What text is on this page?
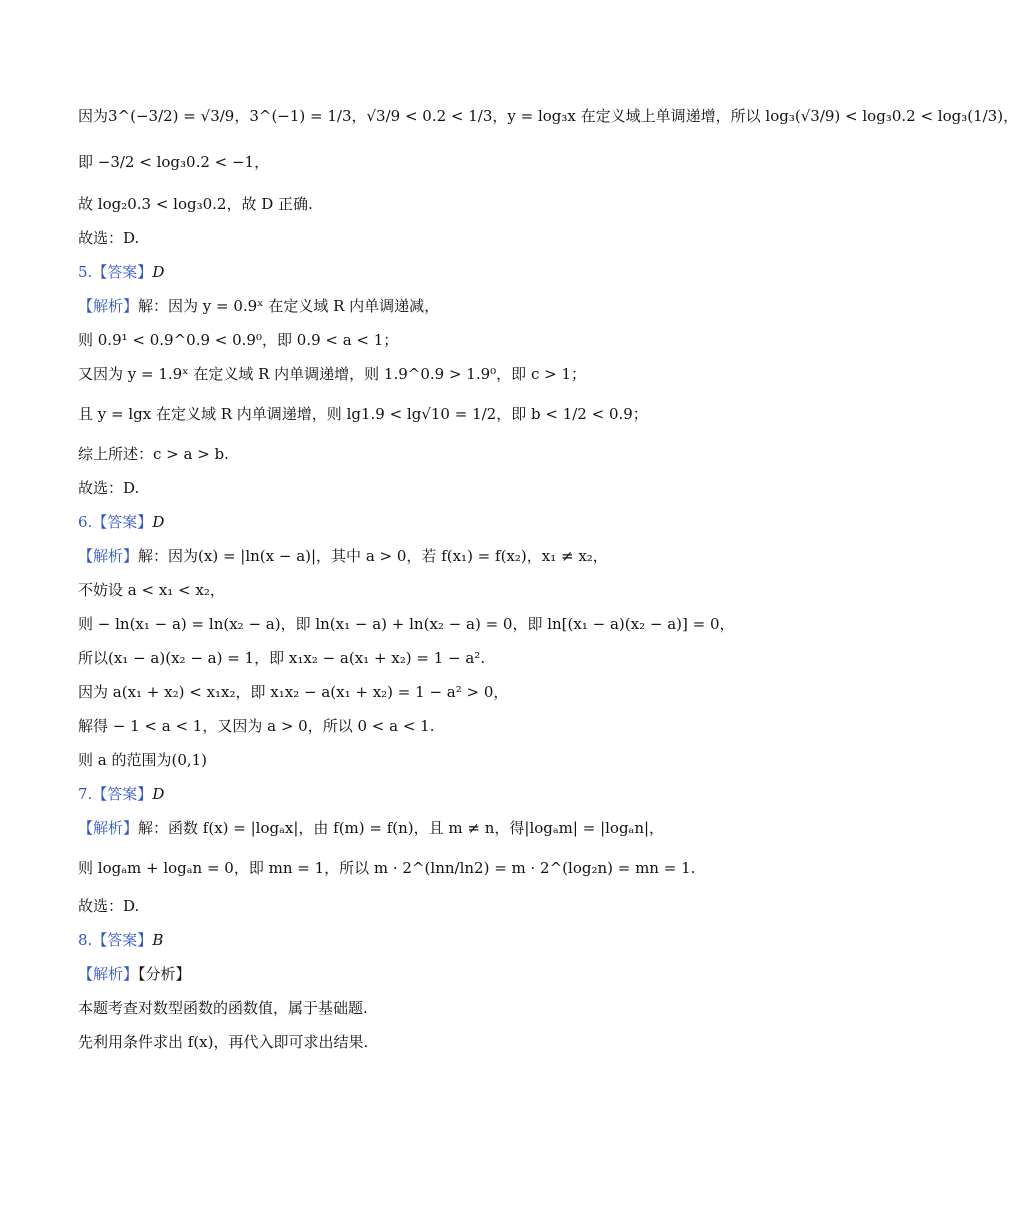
因为3^(−3/2) = √3/9，3^(−1) = 1/3，√3/9 < 0.2 < 1/3，y = log₃x 在定义域上单调递增，所以 log₃(√3/9) < log₃0.2 < log₃(1/3)，
即 −3/2 < log₃0.2 < −1，
故 log₂0.3 < log₃0.2，故 D 正确.
故选：D.
5.【答案】D
【解析】解：因为 y = 0.9ˣ 在定义域 R 内单调递减，
则 0.9¹ < 0.9^0.9 < 0.9⁰，即 0.9 < a < 1；
又因为 y = 1.9ˣ 在定义域 R 内单调递增，则 1.9^0.9 > 1.9⁰，即 c > 1；
且 y = lgx 在定义域 R 内单调递增，则 lg1.9 < lg√10 = 1/2，即 b < 1/2 < 0.9；
综上所述：c > a > b.
故选：D.
6.【答案】D
【解析】解：因为(x) = |ln(x − a)|，其中 a > 0，若 f(x₁) = f(x₂)，x₁ ≠ x₂，
不妨设 a < x₁ < x₂，
则 − ln(x₁ − a) = ln(x₂ − a)，即 ln(x₁ − a) + ln(x₂ − a) = 0，即 ln[(x₁ − a)(x₂ − a)] = 0，
所以(x₁ − a)(x₂ − a) = 1，即 x₁x₂ − a(x₁ + x₂) = 1 − a².
因为 a(x₁ + x₂) < x₁x₂，即 x₁x₂ − a(x₁ + x₂) = 1 − a² > 0，
解得 − 1 < a < 1，又因为 a > 0，所以 0 < a < 1.
则 a 的范围为(0,1)
7.【答案】D
【解析】解：函数 f(x) = |logₐx|，由 f(m) = f(n)，且 m ≠ n，得|logₐm| = |logₐn|，
则 logₐm + logₐn = 0，即 mn = 1，所以 m · 2^(lnn/ln2) = m · 2^(log₂n) = mn = 1.
故选：D.
8.【答案】B
【解析】【分析】
本题考查对数型函数的函数值，属于基础题.
先利用条件求出 f(x)，再代入即可求出结果.
